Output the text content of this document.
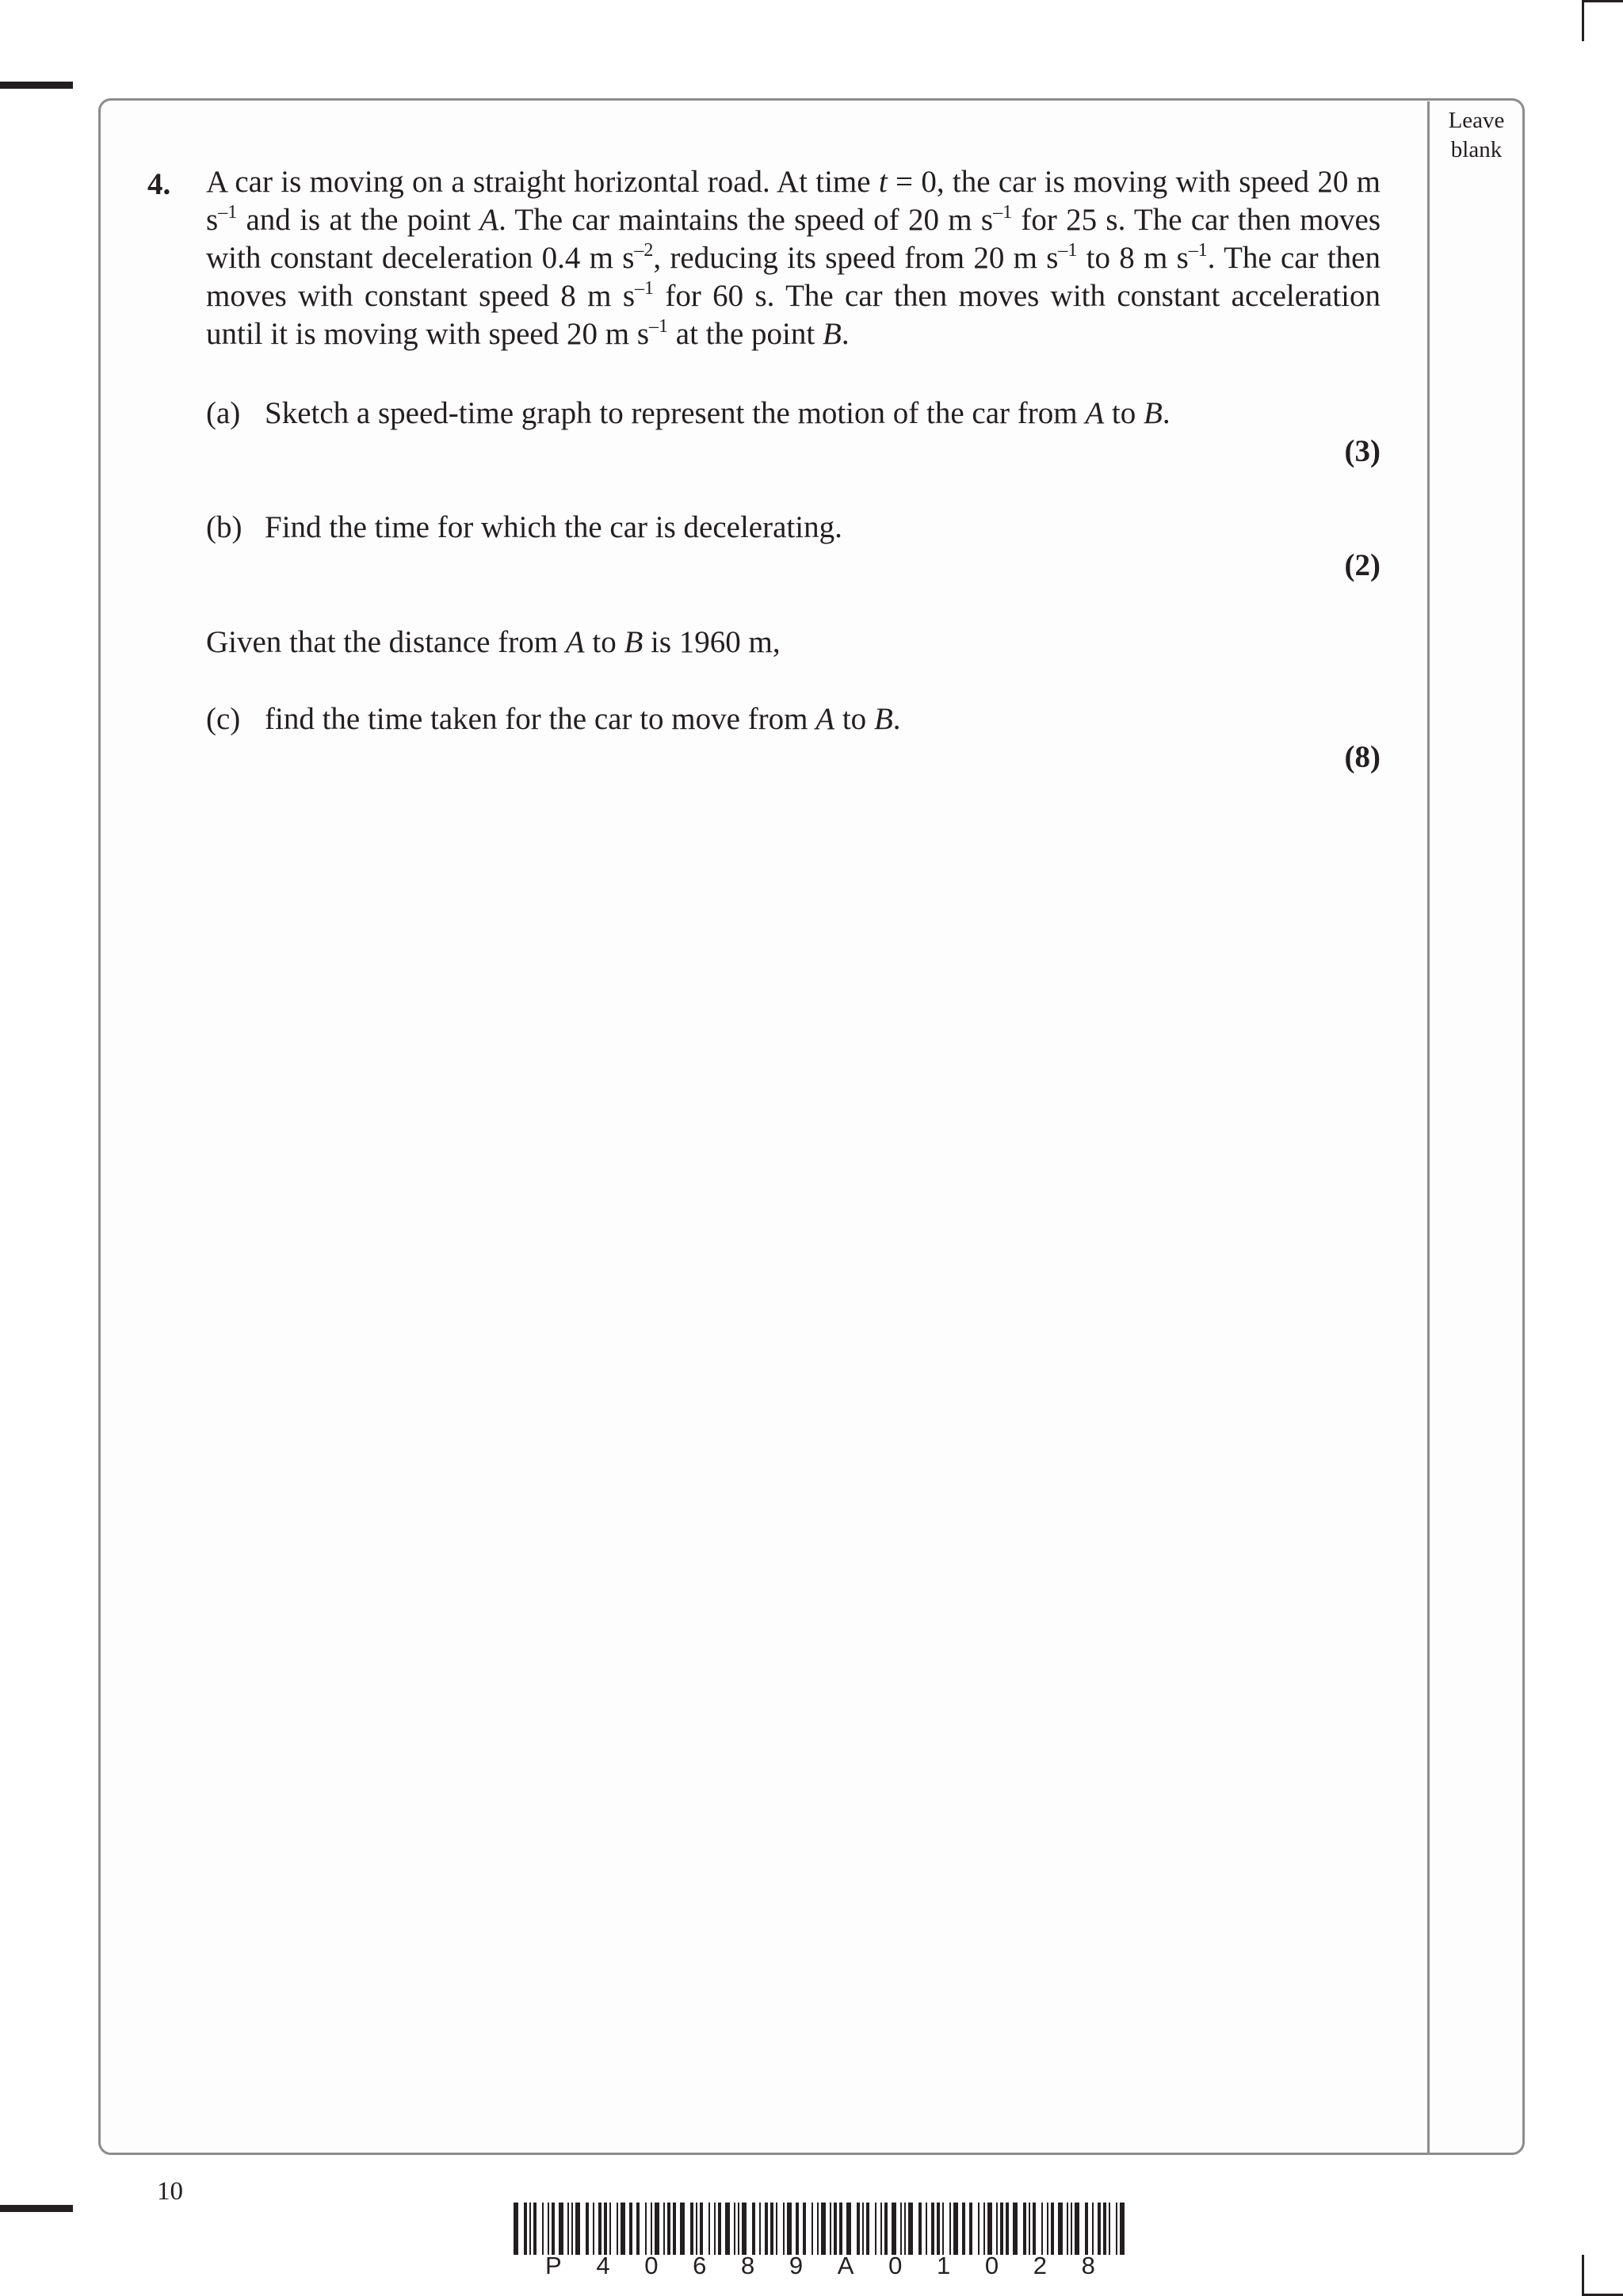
Leave
blank
4. A car is moving on a straight horizontal road. At time t = 0, the car is moving with speed 20 m $s^{-1}$ and is at the point A. The car maintains the speed of 20 m $s^{-1}$ for 25 s. The car then moves with constant deceleration 0.4 m $s^{-2}$, reducing its speed from 20 m $s^{-1}$ to 8 m $s^{-1}$. The car then moves with constant speed 8 m $s^{-1}$ for 60 s. The car then moves with constant acceleration until it is moving with speed 20 m $s^{-1}$ at the point B.
(a) Sketch a speed-time graph to represent the motion of the car from A to B.
(3)
(b) Find the time for which the car is decelerating.
(2)
Given that the distance from A to B is 1960 m,
(c) find the time taken for the car to move from A to B.
(8)
10
P 4 0 6 8 9 A 0 1 0 2 8
